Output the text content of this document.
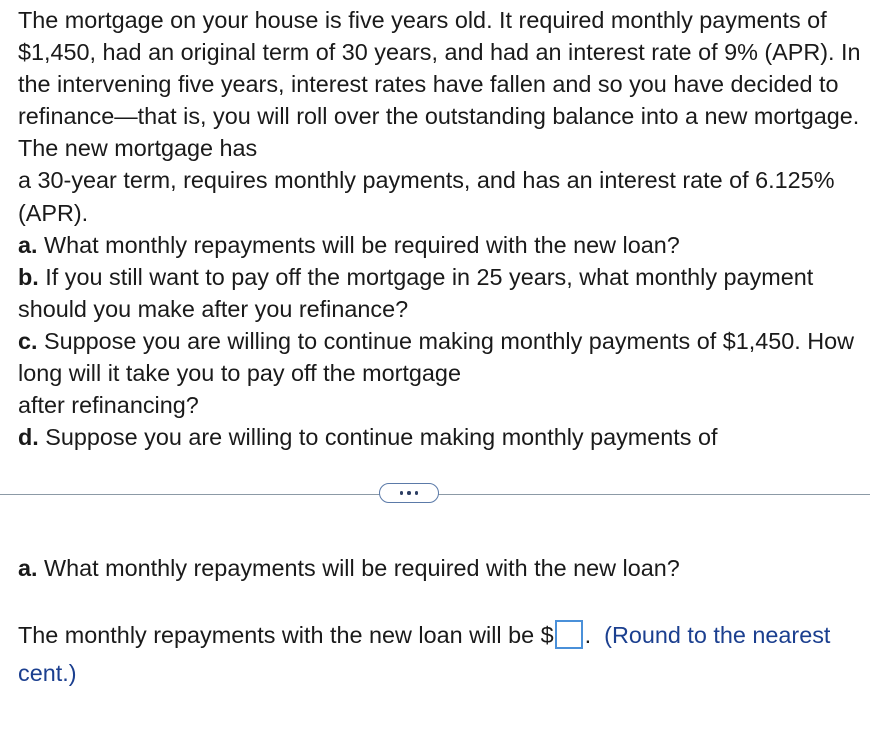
The mortgage on your house is five years old. It required monthly payments of $1,450, had an original term of 30 years, and had an interest rate of 9% (APR). In the intervening five years, interest rates have fallen and so you have decided to refinance—that is, you will roll over the outstanding balance into a new mortgage. The new mortgage has
a 30-year term, requires monthly payments, and has an interest rate of 6.125% (APR).

a. What monthly repayments will be required with the new loan?

b. If you still want to pay off the mortgage in 25 years, what monthly payment should you make after you refinance?

c. Suppose you are willing to continue making monthly payments of $1,450. How long will it take you to pay off the mortgage
after refinancing?

d. Suppose you are willing to continue making monthly payments of

a. What monthly repayments will be required with the new loan?

The monthly repayments with the new loan will be $ . (Round to the nearest cent.)
